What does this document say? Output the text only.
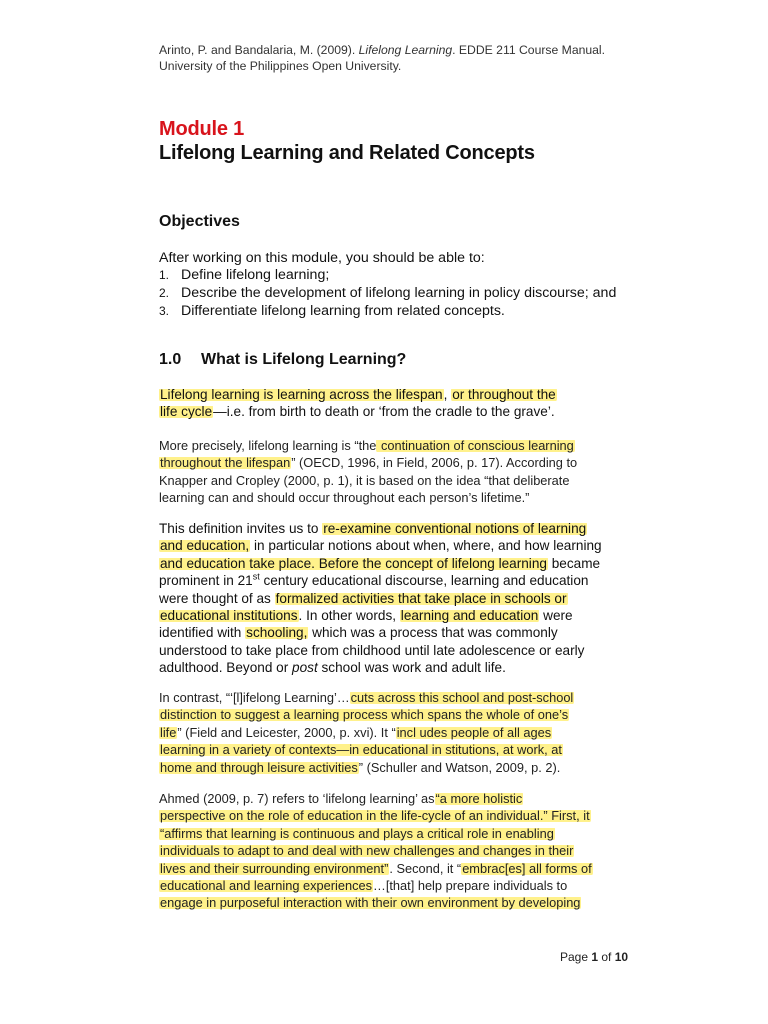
Arinto, P. and Bandalaria, M. (2009). Lifelong Learning. EDDE 211 Course Manual.
University of the Philippines Open University.
Module 1
Lifelong Learning and Related Concepts
Objectives
After working on this module, you should be able to:
1. Define lifelong learning;
2. Describe the development of lifelong learning in policy discourse; and
3. Differentiate lifelong learning from related concepts.
1.0 What is Lifelong Learning?
Lifelong learning is learning across the lifespan, or throughout the
life cycle—i.e. from birth to death or ‘from the cradle to the grave’.
More precisely, lifelong learning is “the continuation of conscious learning
throughout the lifespan” (OECD, 1996, in Field, 2006, p. 17). According to
Knapper and Cropley (2000, p. 1), it is based on the idea “that deliberate
learning can and should occur throughout each person’s lifetime.”
This definition invites us to re-examine conventional notions of learning
and education, in particular notions about when, where, and how learning
and education take place. Before the concept of lifelong learning became
prominent in 21st century educational discourse, learning and education
were thought of as formalized activities that take place in schools or
educational institutions. In other words, learning and education were
identified with schooling, which was a process that was commonly
understood to take place from childhood until late adolescence or early
adulthood. Beyond or post school was work and adult life.
In contrast, “‘[l]ifelong Learning’…cuts across this school and post-school
distinction to suggest a learning process which spans the whole of one’s
life” (Field and Leicester, 2000, p. xvi). It “incl udes people of all ages
learning in a variety of contexts—in educational in stitutions, at work, at
home and through leisure activities” (Schuller and Watson, 2009, p. 2).
Ahmed (2009, p. 7) refers to ‘lifelong learning’ as“a more holistic
perspective on the role of education in the life-cycle of an individual.” First, it
“affirms that learning is continuous and plays a critical role in enabling
individuals to adapt to and deal with new challenges and changes in their
lives and their surrounding environment”. Second, it “embrac[es] all forms of
educational and learning experiences…[that] help prepare individuals to
engage in purposeful interaction with their own environment by developing
Page 1 of 10
